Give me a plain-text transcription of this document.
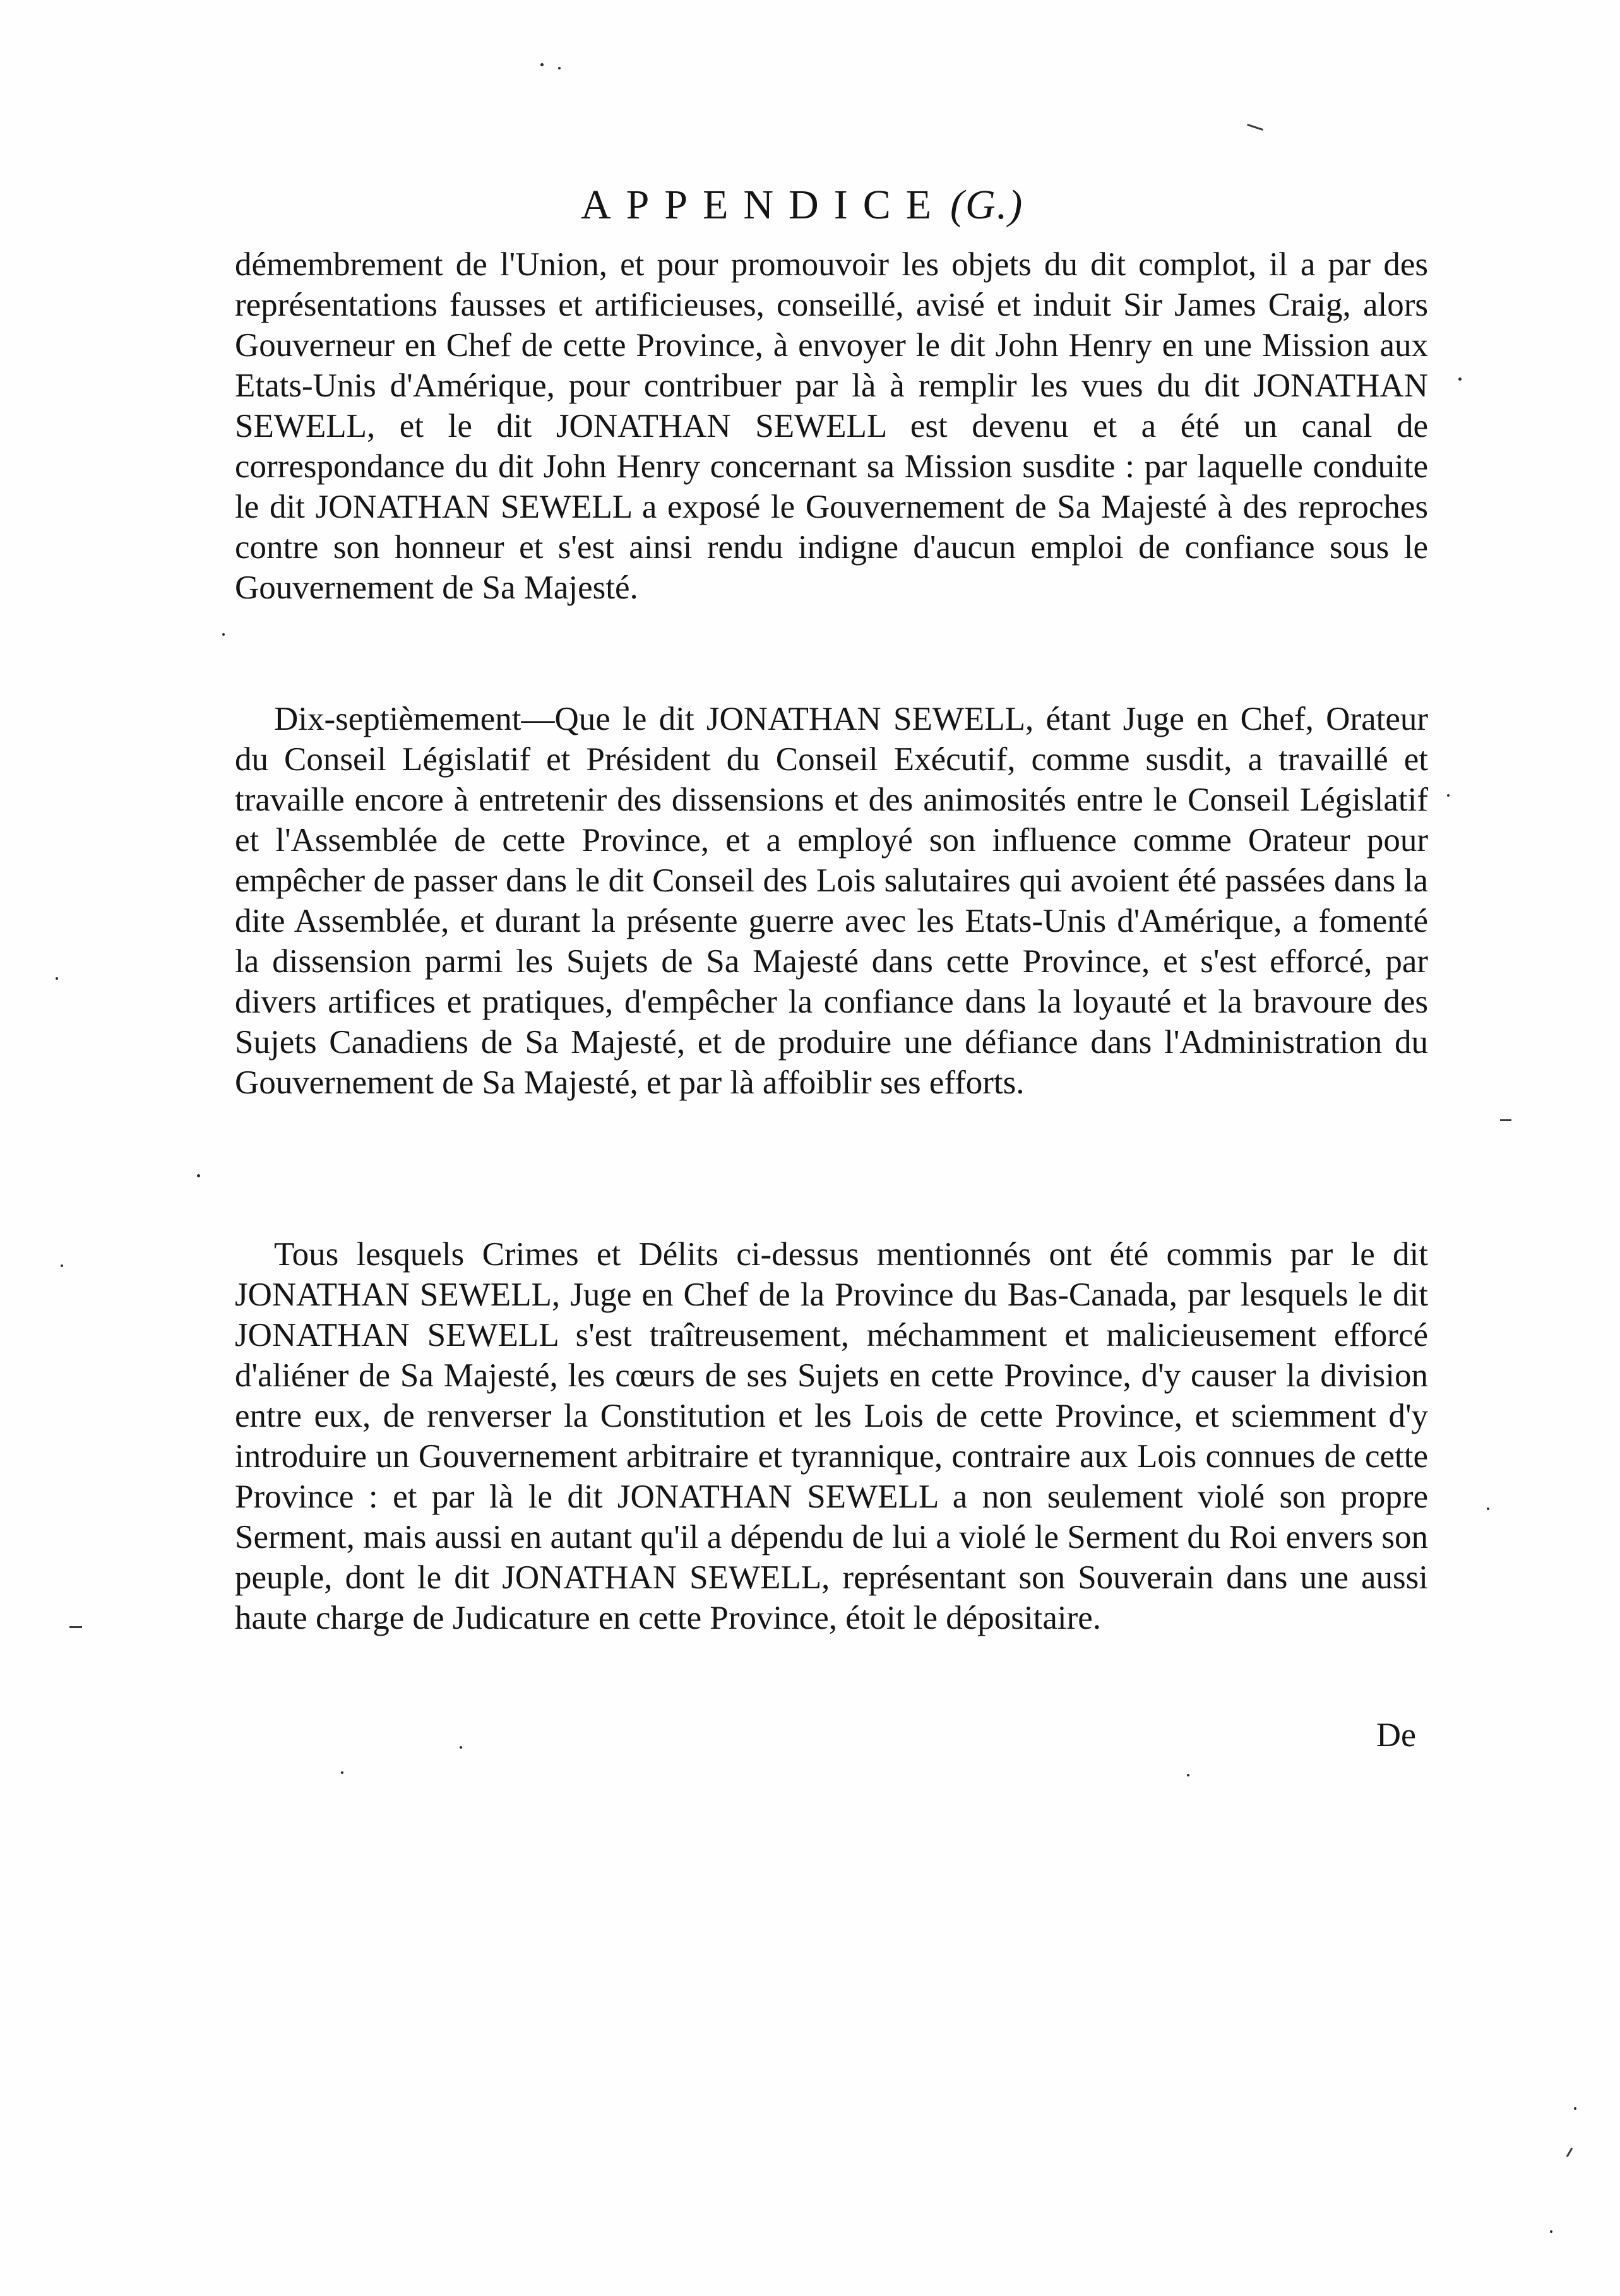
APPENDICE(G.)

démembrement de l'Union, et pour promouvoir les objets du dit complot, il a par des représentations fausses et artificieuses, conseillé, avisé et induit Sir James Craig, alors Gouverneur en Chef de cette Province, à envoyer le dit John Henry en une Mission aux Etats-Unis d'Amérique, pour contribuer par là à remplir les vues du dit JONATHAN SEWELL, et le dit JONATHAN SEWELL est devenu et a été un canal de correspondance du dit John Henry concernant sa Mission susdite : par laquelle conduite le dit JONATHAN SEWELL a exposé le Gouvernement de Sa Majesté à des reproches contre son honneur et s'est ainsi rendu indigne d'aucun emploi de confiance sous le Gouvernement de Sa Majesté.

Dix-septièmement—Que le dit JONATHAN SEWELL, étant Juge en Chef, Orateur du Conseil Législatif et Président du Conseil Exécutif, comme susdit, a travaillé et travaille encore à entretenir des dissensions et des animosités entre le Conseil Législatif et l'Assemblée de cette Province, et a employé son influence comme Orateur pour empêcher de passer dans le dit Conseil des Lois salutaires qui avoient été passées dans la dite Assemblée, et durant la présente guerre avec les Etats-Unis d'Amérique, a fomenté la dissension parmi les Sujets de Sa Majesté dans cette Province, et s'est efforcé, par divers artifices et pratiques, d'empêcher la confiance dans la loyauté et la bravoure des Sujets Canadiens de Sa Majesté, et de produire une défiance dans l'Administration du Gouvernement de Sa Majesté, et par là affoiblir ses efforts.

Tous lesquels Crimes et Délits ci-dessus mentionnés ont été commis par le dit JONATHAN SEWELL, Juge en Chef de la Province du Bas-Canada, par lesquels le dit JONATHAN SEWELL s'est traîtreusement, méchamment et malicieusement efforcé d'aliéner de Sa Majesté, les cœurs de ses Sujets en cette Province, d'y causer la division entre eux, de renverser la Constitution et les Lois de cette Province, et sciemment d'y introduire un Gouvernement arbitraire et tyrannique, contraire aux Lois connues de cette Province : et par là le dit JONATHAN SEWELL a non seulement violé son propre Serment, mais aussi en autant qu'il a dépendu de lui a violé le Serment du Roi envers son peuple, dont le dit JONATHAN SEWELL, représentant son Souverain dans une aussi haute charge de Judicature en cette Province, étoit le dépositaire.

De
